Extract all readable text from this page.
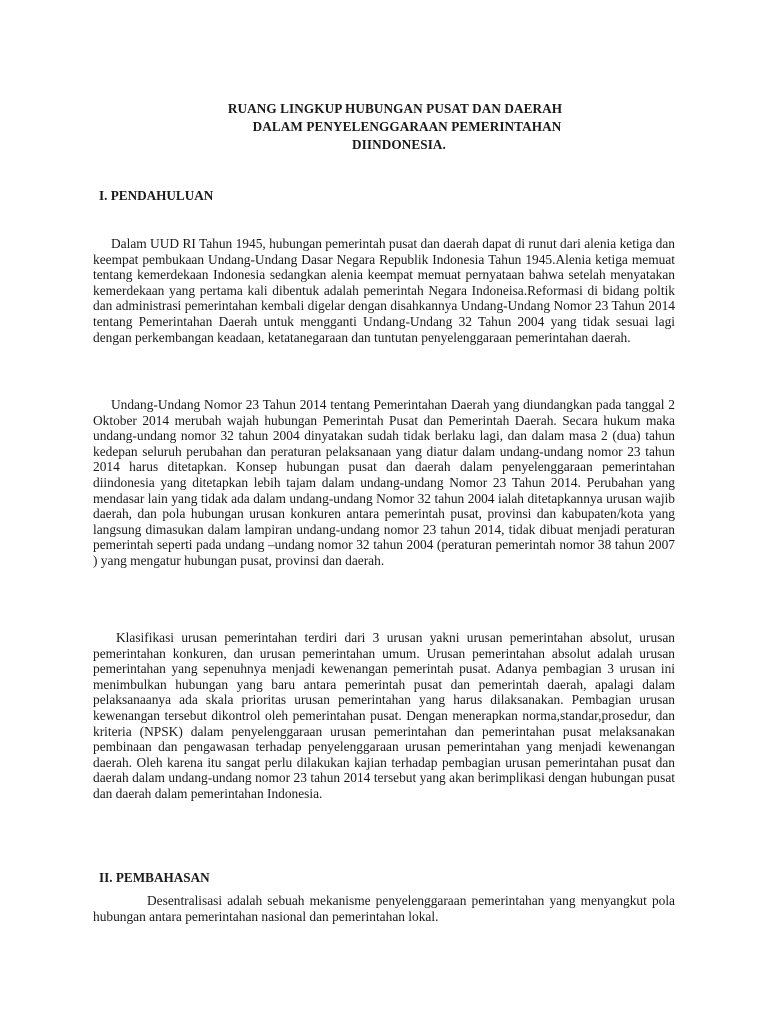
RUANG LINGKUP HUBUNGAN PUSAT DAN DAERAH
DALAM PENYELENGGARAAN PEMERINTAHAN
DIINDONESIA.
I. PENDAHULUAN

Dalam UUD RI Tahun 1945, hubungan pemerintah pusat dan daerah dapat di runut dari alenia ketiga dan keempat pembukaan Undang-Undang Dasar Negara Republik Indonesia Tahun 1945.Alenia ketiga memuat tentang kemerdekaan Indonesia sedangkan alenia keempat memuat pernyataan bahwa setelah menyatakan kemerdekaan yang pertama kali dibentuk adalah pemerintah Negara Indoneisa.Reformasi di bidang poltik dan administrasi pemerintahan kembali digelar dengan disahkannya Undang-Undang Nomor 23 Tahun 2014 tentang Pemerintahan Daerah untuk mengganti Undang-Undang 32 Tahun 2004 yang tidak sesuai lagi dengan perkembangan keadaan, ketatanegaraan dan tuntutan penyelenggaraan pemerintahan daerah.

Undang-Undang Nomor 23 Tahun 2014 tentang Pemerintahan Daerah yang diundangkan pada tanggal 2 Oktober 2014 merubah wajah hubungan Pemerintah Pusat dan Pemerintah Daerah. Secara hukum maka undang-undang nomor 32 tahun 2004 dinyatakan sudah tidak berlaku lagi, dan dalam masa 2 (dua) tahun kedepan seluruh perubahan dan peraturan pelaksanaan yang diatur dalam undang-undang nomor 23 tahun 2014 harus ditetapkan. Konsep hubungan pusat dan daerah dalam penyelenggaraan pemerintahan diindonesia yang ditetapkan lebih tajam dalam undang-undang Nomor 23 Tahun 2014. Perubahan yang mendasar lain yang tidak ada dalam undang-undang Nomor 32 tahun 2004 ialah ditetapkannya urusan wajib daerah, dan pola hubungan urusan konkuren antara pemerintah pusat, provinsi dan kabupaten/kota yang langsung dimasukan dalam lampiran undang-undang nomor 23 tahun 2014, tidak dibuat menjadi peraturan pemerintah seperti pada undang –undang nomor 32 tahun 2004 (peraturan pemerintah nomor 38 tahun 2007 ) yang mengatur hubungan pusat, provinsi dan daerah.

Klasifikasi urusan pemerintahan terdiri dari 3 urusan yakni urusan pemerintahan absolut, urusan pemerintahan konkuren, dan urusan pemerintahan umum. Urusan pemerintahan absolut adalah urusan pemerintahan yang sepenuhnya menjadi kewenangan pemerintah pusat. Adanya pembagian 3 urusan ini menimbulkan hubungan yang baru antara pemerintah pusat dan pemerintah daerah, apalagi dalam pelaksanaanya ada skala prioritas urusan pemerintahan yang harus dilaksanakan. Pembagian urusan kewenangan tersebut dikontrol oleh pemerintahan pusat. Dengan menerapkan norma,standar,prosedur, dan kriteria (NPSK) dalam penyelenggaraan urusan pemerintahan dan pemerintahan pusat melaksanakan pembinaan dan pengawasan terhadap penyelenggaraan urusan pemerintahan yang menjadi kewenangan daerah. Oleh karena itu sangat perlu dilakukan kajian terhadap pembagian urusan pemerintahan pusat dan daerah dalam undang-undang nomor 23 tahun 2014 tersebut yang akan berimplikasi dengan hubungan pusat dan daerah dalam pemerintahan Indonesia.

II. PEMBAHASAN

Desentralisasi adalah sebuah mekanisme penyelenggaraan pemerintahan yang menyangkut pola hubungan antara pemerintahan nasional dan pemerintahan lokal.
